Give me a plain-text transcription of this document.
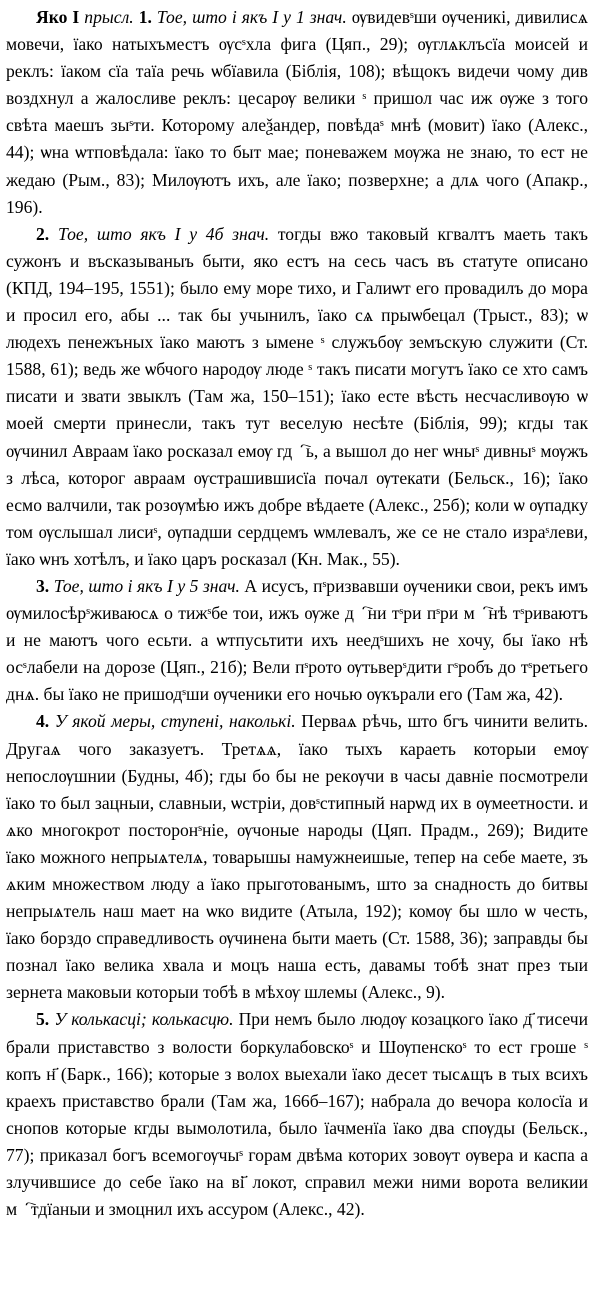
Яко І прысл. 1. Тое, што і якъ І у 1 знач. ѹвидевˢши ѹченикі, дивилисѧ мовечи, їако натыхъместъ ѹсˢхла фига (Цяп., 29); ѹглѧклъсїа моисей и реклъ: їаком сїа таїа речь ѡбїавила (Біблія, 108); вѣщокъ видечи чому див воздхнул а жалосливе реклъ: цесарѹ велики ˢ пришол час иж ѹже з того свѣта маешъ зыˢти. Которому алеѯандер, повѣдаˢ мнѣ (мовит) їако (Алекс., 44); ѡна ѡтповѣдала: їако то быт мае; поневажем мѹжа не знаю, то ест не жедаю (Рым., 83); Милѹютъ ихъ, але їако; позверхне; а длѧ чого (Апакр., 196).

2. Тое, што якъ І у 4б знач. тогды вжо таковый кгвалтъ маеть такъ сужонъ и въсказываныъ быти, яко естъ на сесь часъ въ статуте описано (КПД, 194–195, 1551); было ему море тихо, и Галиѡт его провадилъ до мора и просил его, абы ... так бы учынилъ, їако сѧ прыѡбецал (Трыст., 83); ѡ людехъ пенежъных їако маютъ з ымене ˢ служъбѹ земъскую служити (Ст. 1588, 61); ведь же ѡбчого народѹ люде ˢ такъ писати могутъ їако се хто самъ писати и звати звыклъ (Там жа, 150–151); їако есте вѣсть несчасливѹю ѡ моей смерти принесли, такъ тут веселую несѣте (Біблія, 99); кгды так ѹчинил Авраам їако росказал емѹ гдⷭ҇ь, а вышол до нег ѡныˢ дивныˢ мѹжъ з лѣса, которог авраам ѹстрашившисїа почал ѹтекати (Бельск., 16); їако есмо валчили, так розѹмѣю ижъ добре вѣдаете (Алекс., 25б); коли ѡ ѹпадку том ѹслышал лисиˢ, ѹпадши сердцемъ ѡмлевалъ, же се не стало израˢлеви, їако ѡнъ хотѣлъ, и їако царъ росказал (Кн. Мак., 55).

3. Тое, што і якъ І у 5 знач. А исусъ, пˢризвавши ѹченики свои, рекъ имъ ѹмилосѣрˢживаюсѧ о тижˢбе тои, ижъ ѹже дⷭ҇ни тˢри пˢри мⷭ҇нѣ тˢриваютъ и не маютъ чого есьти. а ѡтпусьтити ихъ неедˢшихъ не хочу, бы їако нѣ осˢлабели на дорозе (Цяп., 21б); Вели пˢрото ѹтьверˢдити гˢробъ до тˢретьего днѧ. бы їако не пришодˢши ѹченики его ночью ѹкърали его (Там жа, 42).

4. У якой меры, ступені, наколькі. Перваѧ рѣчь, што бгъ чинити велить. Другаѧ чого заказуетъ. Третѧѧ, їако тыхъ караеть которыи емѹ непослѹшнии (Будны, 4б); гды бо бы не рекѹчи в часы давніе посмотрели їако то был зацныи, славныи, ѡстріи, довˢстипный нарѡд их в ѹмеетности. и ѧко многокрот посторонˢніе, ѹчоные народы (Цяп. Прадм., 269); Видите їако можного непрыѧтелѧ, товарышы намужнеишые, тепер на себе маете, зъ ѧким множеством люду а їако прыготованымъ, што за снадность до битвы непрыѧтель наш мает на ѡко видите (Атыла, 192); комѹ бы шло ѡ честь, їако борздо справедливость ѹчинена быти маеть (Ст. 1588, 36); заправды бы познал їако велика хвала и моцъ наша есть, давамы тобѣ знат през тыи зернета маковыи которыи тобѣ в мѣхѹ шлемы (Алекс., 9).

5. У колькасці; колькасцю. При немъ было людѹ козацкого їако д҃ тисечи брали приставство з волости боркулабовскоˢ и Шѹпенскоˢ то ест гроше ˢ копъ н҃ (Барк., 166); которые з волох выехали їако десет тысѧщъ в тых всихъ краехъ приставство брали (Там жа, 166б–167); набрала до вечора колосїа и снопов которые кгды вымолотила, было їачменїа їако два спѹды (Бельск., 77); приказал богъ всемогѹчыˢ горам двѣма которих зовѹт ѹвера и каспа а злучившисе до себе їако на ві҃ локот, справил межи ними ворота великии мⷭ҇тдїаныи и змоцнил ихъ ассуром (Алекс., 42).
